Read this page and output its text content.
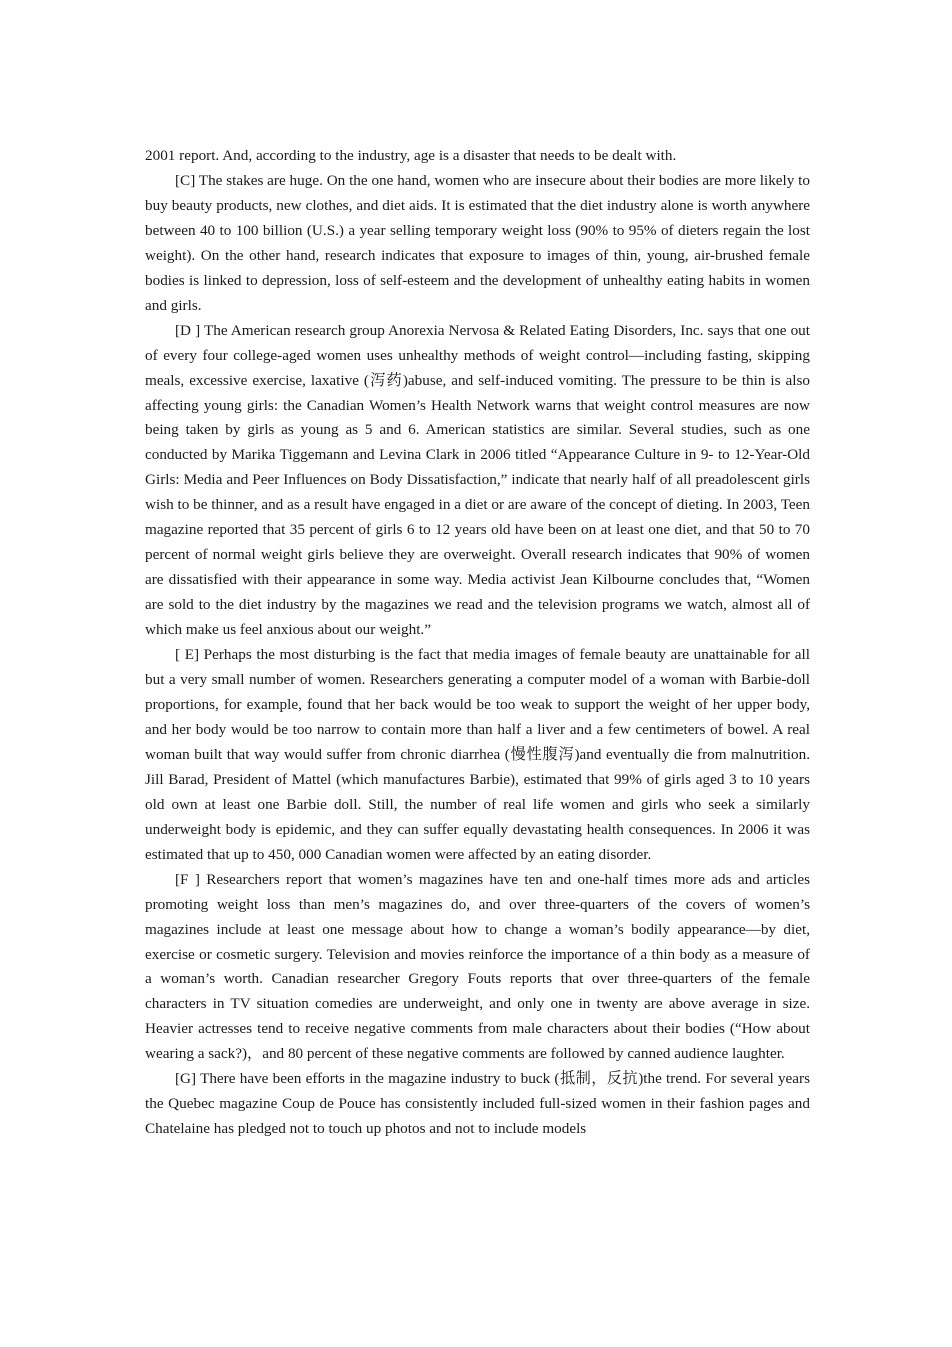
2001 report. And, according to the industry, age is a disaster that needs to be dealt with.

[C] The stakes are huge. On the one hand, women who are insecure about their bodies are more likely to buy beauty products, new clothes, and diet aids. It is estimated that the diet industry alone is worth anywhere between 40 to 100 billion (U.S.) a year selling temporary weight loss (90% to 95% of dieters regain the lost weight). On the other hand, research indicates that exposure to images of thin, young, air-brushed female bodies is linked to depression, loss of self-esteem and the development of unhealthy eating habits in women and girls.

[D ] The American research group Anorexia Nervosa & Related Eating Disorders, Inc. says that one out of every four college-aged women uses unhealthy methods of weight control—including fasting, skipping meals, excessive exercise, laxative (泻药)abuse, and self-induced vomiting. The pressure to be thin is also affecting young girls: the Canadian Women’s Health Network warns that weight control measures are now being taken by girls as young as 5 and 6. American statistics are similar. Several studies, such as one conducted by Marika Tiggemann and Levina Clark in 2006 titled “Appearance Culture in 9- to 12-Year-Old Girls: Media and Peer Influences on Body Dissatisfaction,” indicate that nearly half of all preadolescent girls wish to be thinner, and as a result have engaged in a diet or are aware of the concept of dieting. In 2003, Teen magazine reported that 35 percent of girls 6 to 12 years old have been on at least one diet, and that 50 to 70 percent of normal weight girls believe they are overweight. Overall research indicates that 90% of women are dissatisfied with their appearance in some way. Media activist Jean Kilbourne concludes that, “Women are sold to the diet industry by the magazines we read and the television programs we watch, almost all of which make us feel anxious about our weight.”

[ E] Perhaps the most disturbing is the fact that media images of female beauty are unattainable for all but a very small number of women. Researchers generating a computer model of a woman with Barbie-doll proportions, for example, found that her back would be too weak to support the weight of her upper body, and her body would be too narrow to contain more than half a liver and a few centimeters of bowel. A real woman built that way would suffer from chronic diarrhea (慢性腹泻)and eventually die from malnutrition. Jill Barad, President of Mattel (which manufactures Barbie), estimated that 99% of girls aged 3 to 10 years old own at least one Barbie doll. Still, the number of real life women and girls who seek a similarly underweight body is epidemic, and they can suffer equally devastating health consequences. In 2006 it was estimated that up to 450, 000 Canadian women were affected by an eating disorder.

[F ] Researchers report that women’s magazines have ten and one-half times more ads and articles promoting weight loss than men’s magazines do, and over three-quarters of the covers of women’s magazines include at least one message about how to change a woman’s bodily appearance—by diet, exercise or cosmetic surgery. Television and movies reinforce the importance of a thin body as a measure of a woman’s worth. Canadian researcher Gregory Fouts reports that over three-quarters of the female characters in TV situation comedies are underweight, and only one in twenty are above average in size. Heavier actresses tend to receive negative comments from male characters about their bodies (“How about wearing a sack?)，and 80 percent of these negative comments are followed by canned audience laughter.

[G] There have been efforts in the magazine industry to buck (抵制，反抗)the trend. For several years the Quebec magazine Coup de Pouce has consistently included full-sized women in their fashion pages and Chatelaine has pledged not to touch up photos and not to include models
